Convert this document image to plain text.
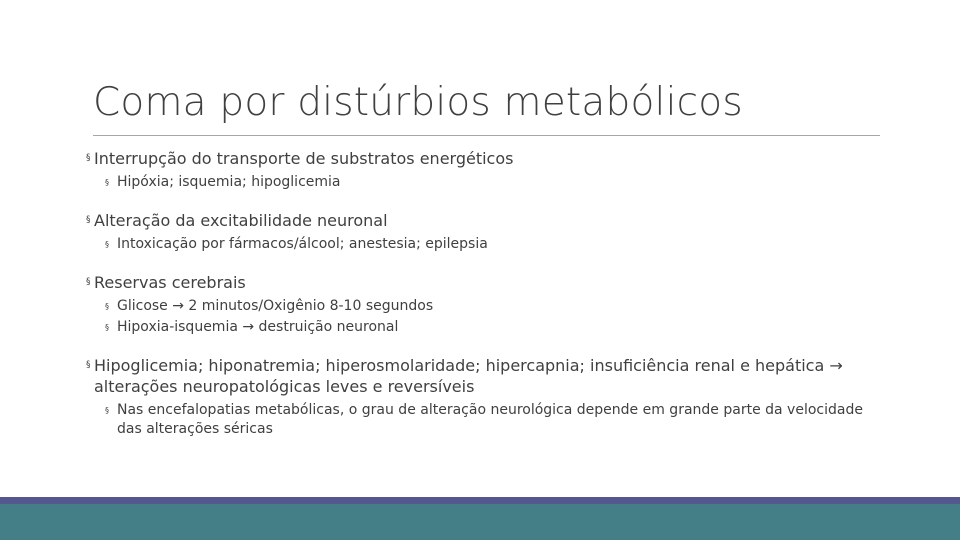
Coma por distúrbios metabólicos
§ Interrupção do transporte de substratos energéticos
§ Hipóxia; isquemia; hipoglicemia
§ Alteração da excitabilidade neuronal
§ Intoxicação por fármacos/álcool; anestesia; epilepsia
§ Reservas cerebrais
§ Glicose → 2 minutos/Oxigênio 8-10 segundos
§ Hipoxia-isquemia → destruição neuronal
§ Hipoglicemia; hiponatremia; hiperosmolaridade; hipercapnia; insuficiência renal e hepática → alterações neuropatológicas leves e reversíveis
§ Nas encefalopatias metabólicas, o grau de alteração neurológica depende em grande parte da velocidade das alterações séricas
